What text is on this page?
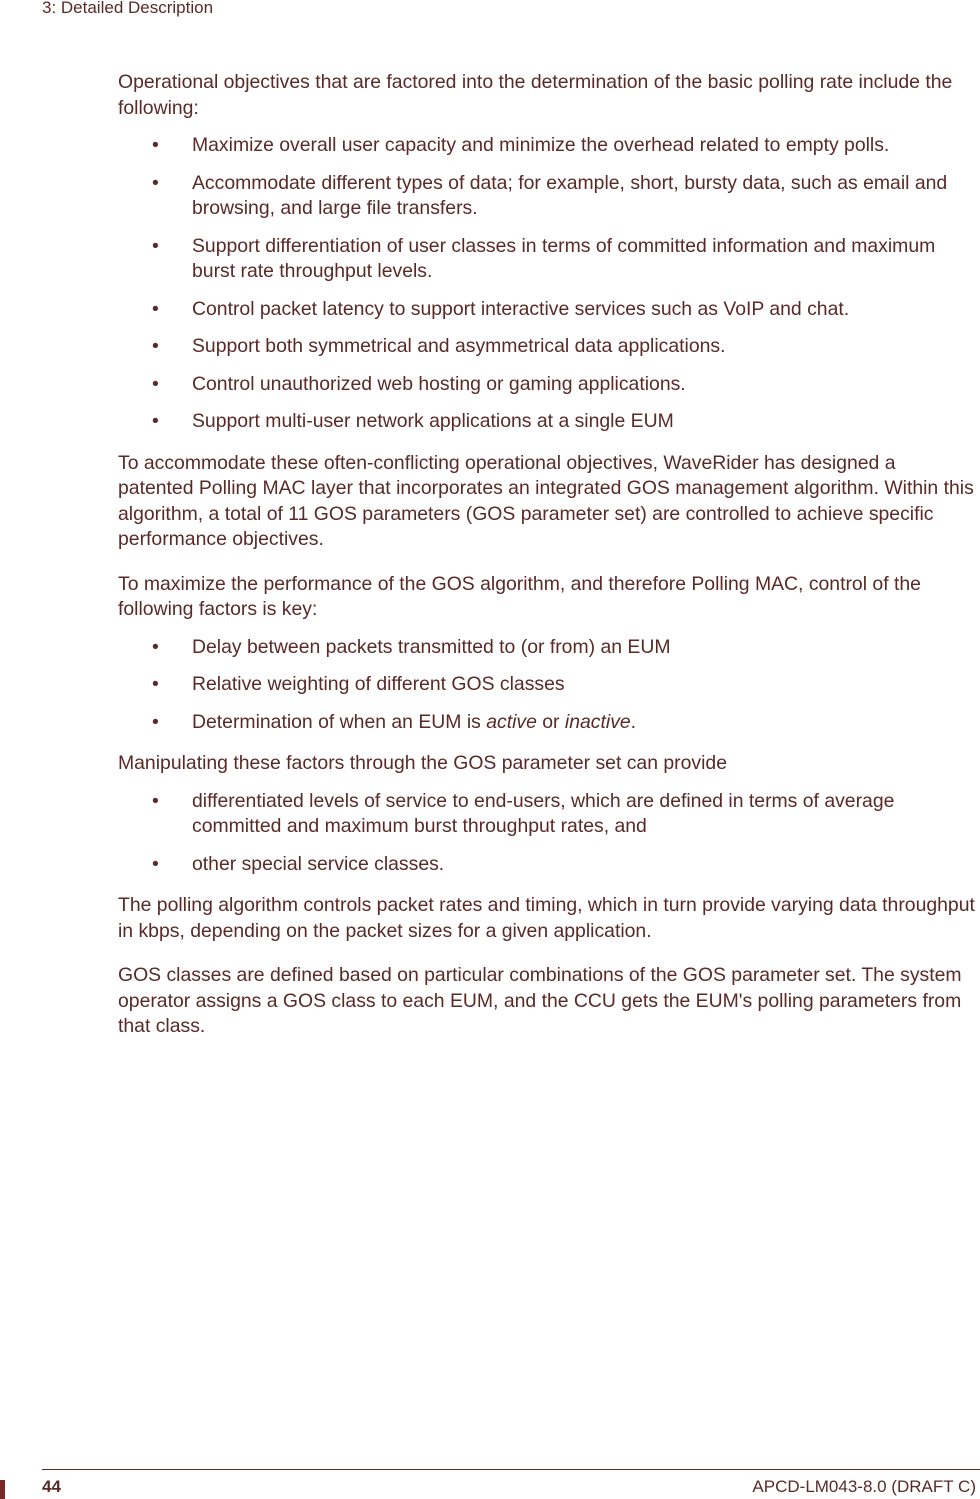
3: Detailed Description

Operational objectives that are factored into the determination of the basic polling rate include the following:

• Maximize overall user capacity and minimize the overhead related to empty polls.
• Accommodate different types of data; for example, short, bursty data, such as email and browsing, and large file transfers.
• Support differentiation of user classes in terms of committed information and maximum burst rate throughput levels.
• Control packet latency to support interactive services such as VoIP and chat.
• Support both symmetrical and asymmetrical data applications.
• Control unauthorized web hosting or gaming applications.
• Support multi-user network applications at a single EUM

To accommodate these often-conflicting operational objectives, WaveRider has designed a patented Polling MAC layer that incorporates an integrated GOS management algorithm. Within this algorithm, a total of 11 GOS parameters (GOS parameter set) are controlled to achieve specific performance objectives.

To maximize the performance of the GOS algorithm, and therefore Polling MAC, control of the following factors is key:

• Delay between packets transmitted to (or from) an EUM
• Relative weighting of different GOS classes
• Determination of when an EUM is active or inactive.

Manipulating these factors through the GOS parameter set can provide

• differentiated levels of service to end-users, which are defined in terms of average committed and maximum burst throughput rates, and
• other special service classes.

The polling algorithm controls packet rates and timing, which in turn provide varying data throughput in kbps, depending on the packet sizes for a given application.

GOS classes are defined based on particular combinations of the GOS parameter set. The system operator assigns a GOS class to each EUM, and the CCU gets the EUM's polling parameters from that class.

44	APCD-LM043-8.0 (DRAFT C)
